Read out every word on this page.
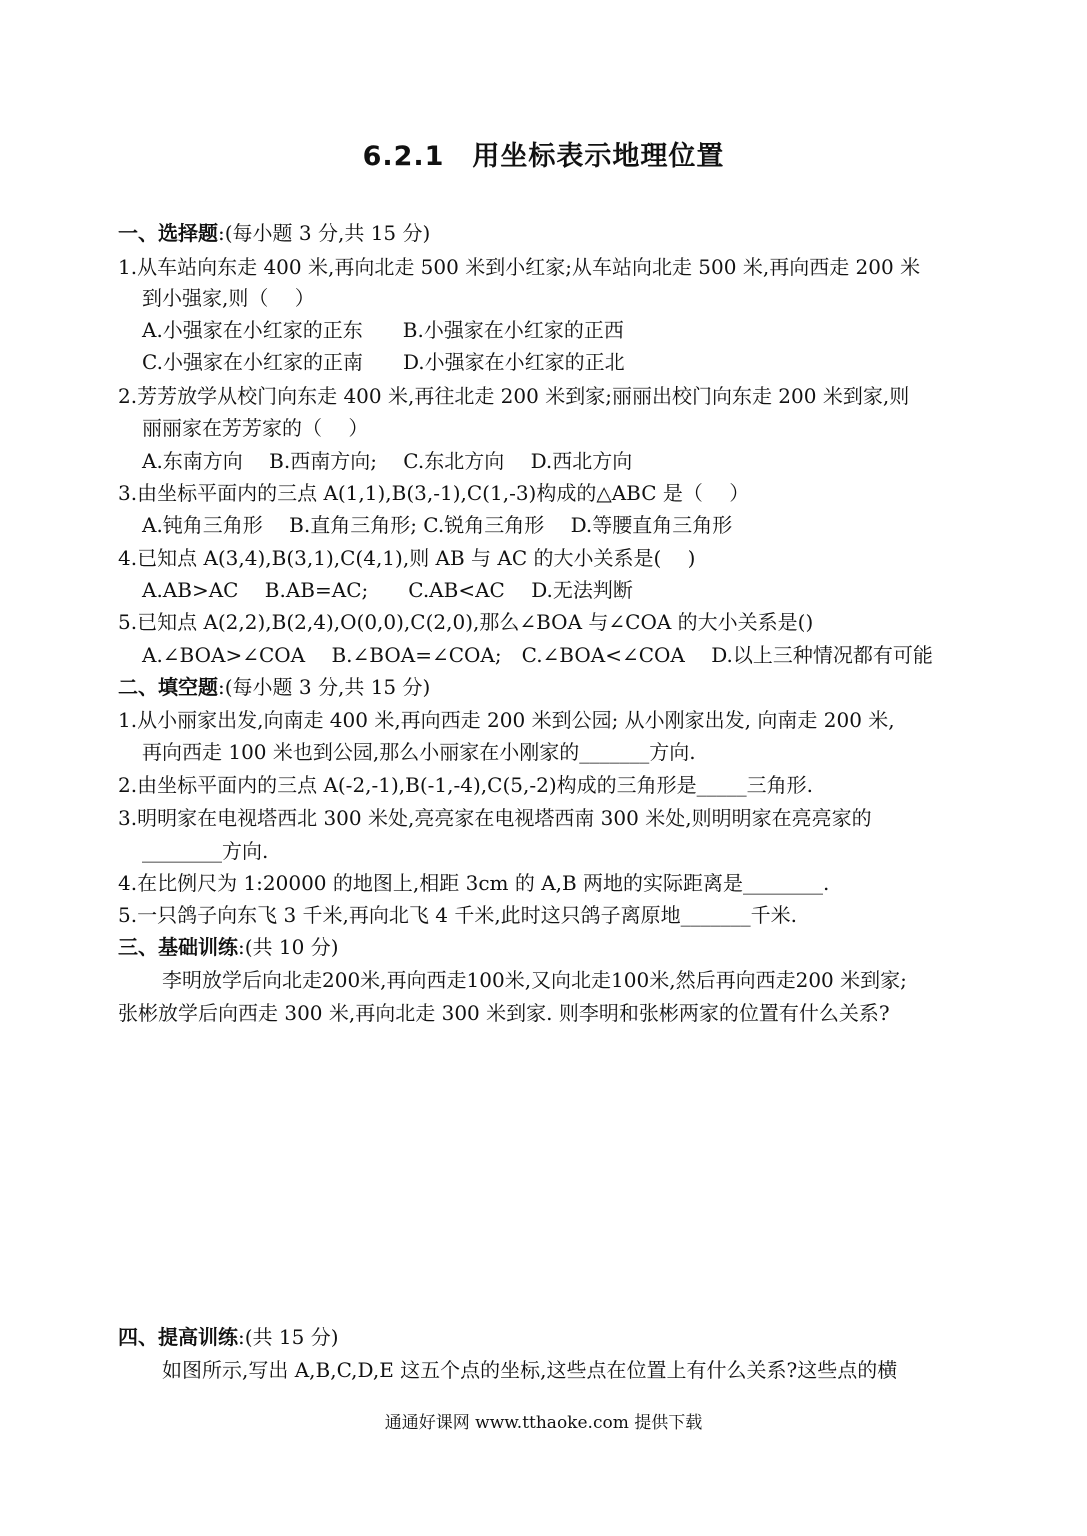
6.2.1　用坐标表示地理位置
一、选择题:(每小题 3 分,共 15 分)
1.从车站向东走 400 米,再向北走 500 米到小红家;从车站向北走 500 米,再向西走 200 米
到小强家,则（　 ）
A.小强家在小红家的正东　　B.小强家在小红家的正西
C.小强家在小红家的正南　　D.小强家在小红家的正北
2.芳芳放学从校门向东走 400 米,再往北走 200 米到家;丽丽出校门向东走 200 米到家,则
丽丽家在芳芳家的（　 ）
A.东南方向　 B.西南方向;　 C.东北方向　 D.西北方向
3.由坐标平面内的三点 A(1,1),B(3,-1),C(1,-3)构成的△ABC 是（　 ）
A.钝角三角形　 B.直角三角形; C.锐角三角形　 D.等腰直角三角形
4.已知点 A(3,4),B(3,1),C(4,1),则 AB 与 AC 的大小关系是(　 )
A.AB>AC　 B.AB=AC;　　C.AB<AC　 D.无法判断
5.已知点 A(2,2),B(2,4),O(0,0),C(2,0),那么∠BOA 与∠COA 的大小关系是()
A.∠BOA>∠COA　 B.∠BOA=∠COA;　C.∠BOA<∠COA　 D.以上三种情况都有可能
二、填空题:(每小题 3 分,共 15 分)
1.从小丽家出发,向南走 400 米,再向西走 200 米到公园; 从小刚家出发, 向南走 200 米,
再向西走 100 米也到公园,那么小丽家在小刚家的_______方向.
2.由坐标平面内的三点 A(-2,-1),B(-1,-4),C(5,-2)构成的三角形是_____三角形.
3.明明家在电视塔西北 300 米处,亮亮家在电视塔西南 300 米处,则明明家在亮亮家的
________方向.
4.在比例尺为 1:20000 的地图上,相距 3cm 的 A,B 两地的实际距离是________.
5.一只鸽子向东飞 3 千米,再向北飞 4 千米,此时这只鸽子离原地_______千米.
三、基础训练:(共 10 分)
李明放学后向北走200米,再向西走100米,又向北走100米,然后再向西走200 米到家;
张彬放学后向西走 300 米,再向北走 300 米到家. 则李明和张彬两家的位置有什么关系?
四、提高训练:(共 15 分)
如图所示,写出 A,B,C,D,E 这五个点的坐标,这些点在位置上有什么关系?这些点的横
通通好课网 www.tthaoke.com 提供下载
